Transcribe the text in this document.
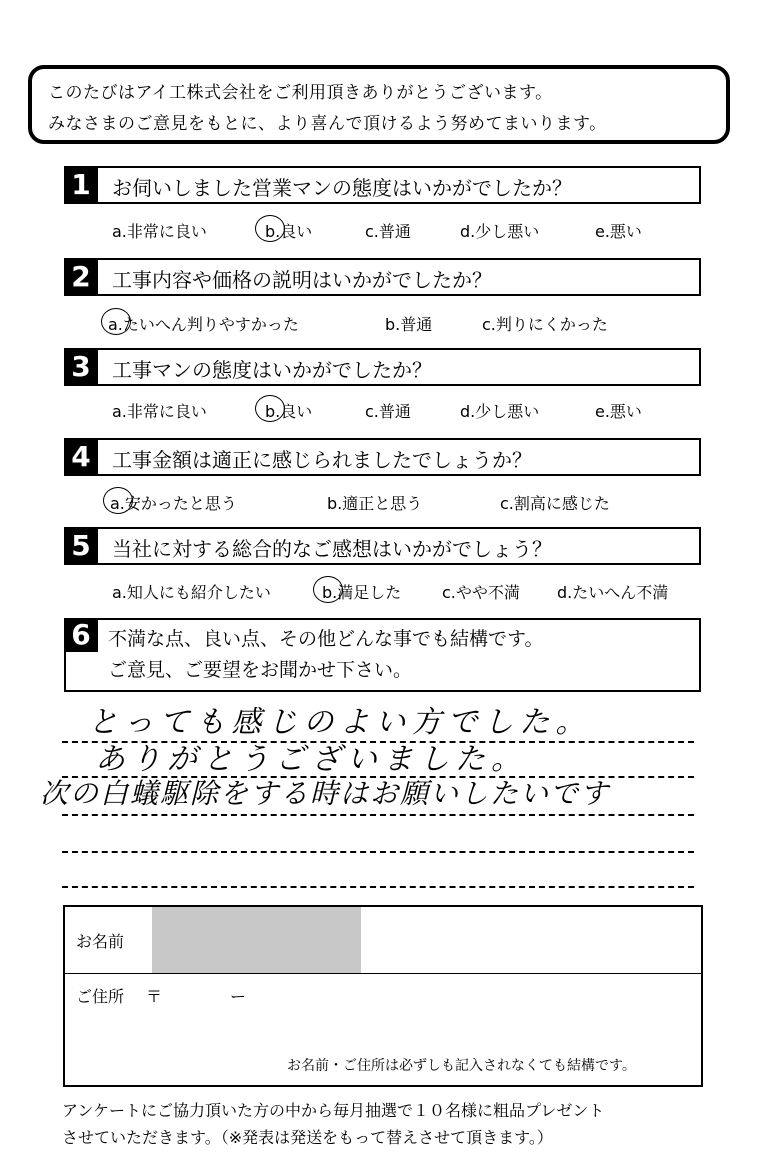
このたびはアイ工株式会社をご利用頂きありがとうございます。

みなさまのご意見をもとに、より喜んで頂けるよう努めてまいります。

1	お伺いしました営業マンの態度はいかがでしたか？
a.非常に良い	b.良い	c.普通	d.少し悪い	e.悪い
2	工事内容や価格の説明はいかがでしたか？
a.たいへん判りやすかった	b.普通	c.判りにくかった
3	工事マンの態度はいかがでしたか？
a.非常に良い	b.良い	c.普通	d.少し悪い	e.悪い
4	工事金額は適正に感じられましたでしょうか？
a.安かったと思う	b.適正と思う	c.割高に感じた
5	当社に対する総合的なご感想はいかがでしょう？
a.知人にも紹介したい	b.満足した	c.やや不満 d.たいへん不満
6 不満な点、良い点、その他どんな事でも結構です。
ご意見、ご要望をお聞かせ下さい。
とっても感じのよい方でした。
ありがとうございました。
次の白蟻駆除をする時はお願いしたいです
お名前
ご住所 〒	ー
お名前・ご住所は必ずしも記入されなくても結構です。
アンケートにご協力頂いた方の中から毎月抽選で１０名様に粗品プレゼント
させていただきます。（※発表は発送をもって替えさせて頂きます。）
